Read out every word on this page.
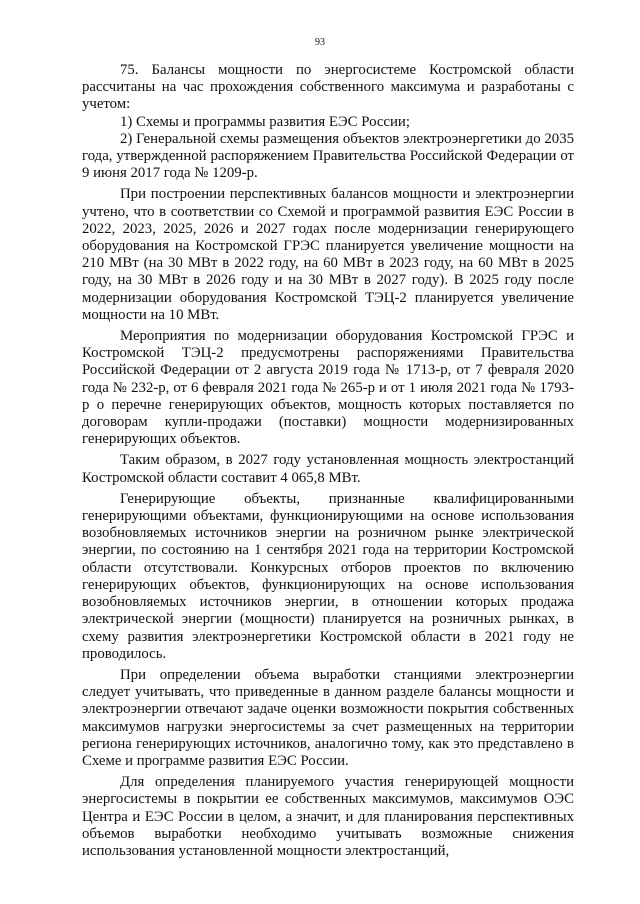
93

75. Балансы мощности по энергосистеме Костромской области рассчитаны на час прохождения собственного максимума и разработаны с учетом:

1) Схемы и программы развития ЕЭС России;

2) Генеральной схемы размещения объектов электроэнергетики до 2035 года, утвержденной распоряжением Правительства Российской Федерации от 9 июня 2017 года № 1209-р.

При построении перспективных балансов мощности и электроэнергии учтено, что в соответствии со Схемой и программой развития ЕЭС России в 2022, 2023, 2025, 2026 и 2027 годах после модернизации генерирующего оборудования на Костромской ГРЭС планируется увеличение мощности на 210 МВт (на 30 МВт в 2022 году, на 60 МВт в 2023 году, на 60 МВт в 2025 году, на 30 МВт в 2026 году и на 30 МВт в 2027 году). В 2025 году после модернизации оборудования Костромской ТЭЦ-2 планируется увеличение мощности на 10 МВт.

Мероприятия по модернизации оборудования Костромской ГРЭС и Костромской ТЭЦ-2 предусмотрены распоряжениями Правительства Российской Федерации от 2 августа 2019 года № 1713-р, от 7 февраля 2020 года № 232-р, от 6 февраля 2021 года № 265-р и от 1 июля 2021 года № 1793-р о перечне генерирующих объектов, мощность которых поставляется по договорам купли-продажи (поставки) мощности модернизированных генерирующих объектов.

Таким образом, в 2027 году установленная мощность электростанций Костромской области составит 4 065,8 МВт.

Генерирующие объекты, признанные квалифицированными генерирующими объектами, функционирующими на основе использования возобновляемых источников энергии на розничном рынке электрической энергии, по состоянию на 1 сентября 2021 года на территории Костромской области отсутствовали. Конкурсных отборов проектов по включению генерирующих объектов, функционирующих на основе использования возобновляемых источников энергии, в отношении которых продажа электрической энергии (мощности) планируется на розничных рынках, в схему развития электроэнергетики Костромской области в 2021 году не проводилось.

При определении объема выработки станциями электроэнергии следует учитывать, что приведенные в данном разделе балансы мощности и электроэнергии отвечают задаче оценки возможности покрытия собственных максимумов нагрузки энергосистемы за счет размещенных на территории региона генерирующих источников, аналогично тому, как это представлено в Схеме и программе развития ЕЭС России.

Для определения планируемого участия генерирующей мощности энергосистемы в покрытии ее собственных максимумов, максимумов ОЭС Центра и ЕЭС России в целом, а значит, и для планирования перспективных объемов выработки необходимо учитывать возможные снижения использования установленной мощности электростанций,
